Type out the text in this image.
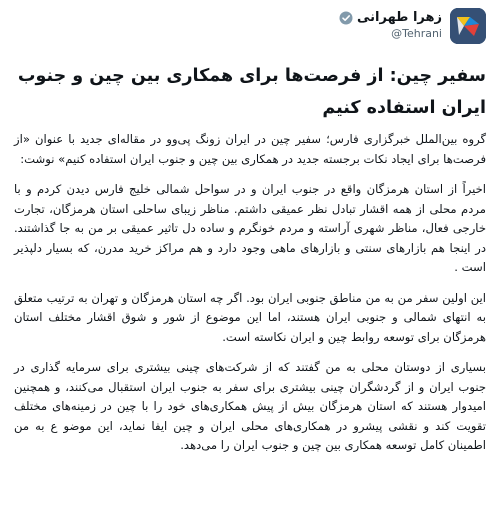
زهرا طهرانی
@Tehrani
سفیر چین: از فرصت‌ها برای همکاری بین چین و جنوب ایران استفاده کنیم

گروه بین‌الملل خبرگزاری فارس؛ سفیر چین در ایران زونگ پی‌وو در مقاله‌ای جدید با عنوان «از فرصت‌ها برای ایجاد نکات برجسته جدید در همکاری بین چین و جنوب ایران استفاده کنیم» نوشت:

اخیراً از استان هرمزگان واقع در جنوب ایران و در سواحل شمالی خلیج فارس دیدن کردم و با مردم محلی از همه اقشار تبادل نظر عمیقی داشتم. مناظر زیبای ساحلی استان هرمزگان، تجارت خارجی فعال، مناظر شهری آراسته و مردم خونگرم و ساده دل تاثیر عمیقی بر من به جا گذاشتند. در اینجا هم بازارهای سنتی و بازارهای ماهی وجود دارد و هم مراکز خرید مدرن، که بسیار دلپذیر است .

این اولین سفر من به من مناطق جنوبی ایران بود. اگر چه استان هرمزگان و تهران به ترتیب متعلق به انتهای شمالی و جنوبی ایران هستند، اما این موضوع از شور و شوق اقشار مختلف استان هرمزگان برای توسعه روابط چین و ایران نکاسته است.

بسیاری از دوستان محلی به من گفتند که از شرکت‌های چینی بیشتری برای سرمایه گذاری در جنوب ایران و از گردشگران چینی بیشتری برای سفر به جنوب ایران استقبال می‌کنند، و همچنین امیدوار هستند که استان هرمزگان بیش از پیش همکاری‌های خود را با چین در زمینه‌های مختلف تقویت کند و نقشی پیشرو در همکاری‌های محلی ایران و چین ایفا نماید، این موضو ع به من اطمینان کامل توسعه همکاری بین چین و جنوب ایران را می‌دهد.
